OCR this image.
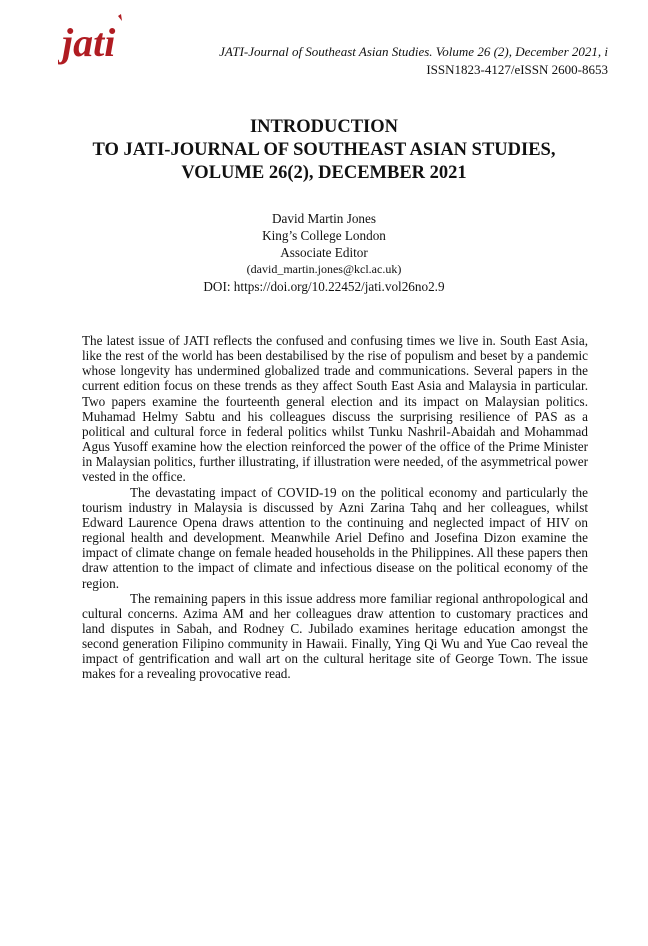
jati	JATI-Journal of Southeast Asian Studies. Volume 26 (2), December 2021, i
ISSN1823-4127/eISSN 2600-8653
INTRODUCTION
TO JATI-JOURNAL OF SOUTHEAST ASIAN STUDIES,
VOLUME 26(2), DECEMBER 2021
David Martin Jones
King’s College London
Associate Editor
(david_martin.jones@kcl.ac.uk)
DOI: https://doi.org/10.22452/jati.vol26no2.9

The latest issue of JATI reflects the confused and confusing times we live in. South East Asia, like the rest of the world has been destabilised by the rise of populism and beset by a pandemic whose longevity has undermined globalized trade and communications. Several papers in the current edition focus on these trends as they affect South East Asia and Malaysia in particular. Two papers examine the fourteenth general election and its impact on Malaysian politics. Muhamad Helmy Sabtu and his colleagues discuss the surprising resilience of PAS as a political and cultural force in federal politics whilst Tunku Nashril-Abaidah and Mohammad Agus Yusoff examine how the election reinforced the power of the office of the Prime Minister in Malaysian politics, further illustrating, if illustration were needed, of the asymmetrical power vested in the office.

The devastating impact of COVID-19 on the political economy and particularly the tourism industry in Malaysia is discussed by Azni Zarina Tahq and her colleagues, whilst Edward Laurence Opena draws attention to the continuing and neglected impact of HIV on regional health and development. Meanwhile Ariel Defino and Josefina Dizon examine the impact of climate change on female headed households in the Philippines. All these papers then draw attention to the impact of climate and infectious disease on the political economy of the region.

The remaining papers in this issue address more familiar regional anthropological and cultural concerns. Azima AM and her colleagues draw attention to customary practices and land disputes in Sabah, and Rodney C. Jubilado examines heritage education amongst the second generation Filipino community in Hawaii. Finally, Ying Qi Wu and Yue Cao reveal the impact of gentrification and wall art on the cultural heritage site of George Town. The issue makes for a revealing provocative read.
